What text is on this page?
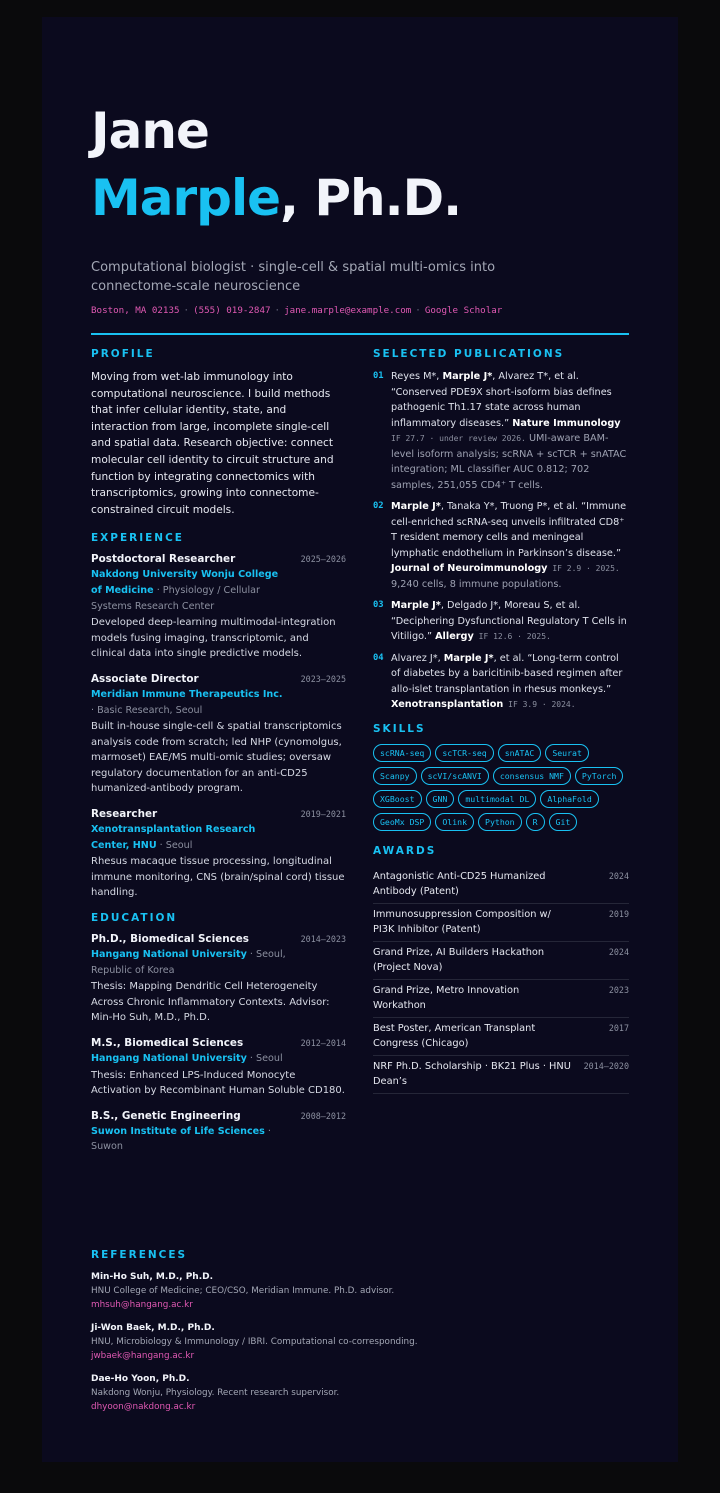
Jane
Marple, Ph.D.
Computational biologist · single-cell & spatial multi-omics into connectome-scale neuroscience
Boston, MA 02135 · (555) 019-2847 · jane.marple@example.com · Google Scholar
PROFILE
Moving from wet-lab immunology into computational neuroscience. I build methods that infer cellular identity, state, and interaction from large, incomplete single-cell and spatial data. Research objective: connect molecular cell identity to circuit structure and function by integrating connectomics with transcriptomics, growing into connectome-constrained circuit models.
EXPERIENCE
Postdoctoral Researcher	2025–2026
Nakdong University Wonju College of Medicine · Physiology / Cellular Systems Research Center
Developed deep-learning multimodal-integration models fusing imaging, transcriptomic, and clinical data into single predictive models.
Associate Director	2023–2025
Meridian Immune Therapeutics Inc. · Basic Research, Seoul
Built in-house single-cell & spatial transcriptomics analysis code from scratch; led NHP (cynomolgus, marmoset) EAE/MS multi-omic studies; oversaw regulatory documentation for an anti-CD25 humanized-antibody program.
Researcher	2019–2021
Xenotransplantation Research Center, HNU · Seoul
Rhesus macaque tissue processing, longitudinal immune monitoring, CNS (brain/spinal cord) tissue handling.
EDUCATION
Ph.D., Biomedical Sciences	2014–2023
Hangang National University · Seoul, Republic of Korea
Thesis: Mapping Dendritic Cell Heterogeneity Across Chronic Inflammatory Contexts. Advisor: Min-Ho Suh, M.D., Ph.D.
M.S., Biomedical Sciences	2012–2014
Hangang National University · Seoul
Thesis: Enhanced LPS-Induced Monocyte Activation by Recombinant Human Soluble CD180.
B.S., Genetic Engineering	2008–2012
Suwon Institute of Life Sciences · Suwon
SELECTED PUBLICATIONS
01 Reyes M*, Marple J*, Alvarez T*, et al. “Conserved PDE9X short-isoform bias defines pathogenic Th1.17 state across human inflammatory diseases.” Nature Immunology IF 27.7 · under review 2026. UMI-aware BAM-level isoform analysis; scRNA + scTCR + snATAC integration; ML classifier AUC 0.812; 702 samples, 251,055 CD4⁺ T cells.
02 Marple J*, Tanaka Y*, Truong P*, et al. “Immune cell-enriched scRNA-seq unveils infiltrated CD8⁺ T resident memory cells and meningeal lymphatic endothelium in Parkinson’s disease.” Journal of Neuroimmunology IF 2.9 · 2025. 9,240 cells, 8 immune populations.
03 Marple J*, Delgado J*, Moreau S, et al. “Deciphering Dysfunctional Regulatory T Cells in Vitiligo.” Allergy IF 12.6 · 2025.
04 Alvarez J*, Marple J*, et al. “Long-term control of diabetes by a baricitinib-based regimen after allo-islet transplantation in rhesus monkeys.” Xenotransplantation IF 3.9 · 2024.
SKILLS
scRNA-seq	scTCR-seq	snATAC	Seurat
Scanpy	scVI/scANVI	consensus NMF	PyTorch
XGBoost	GNN	multimodal DL	AlphaFold
GeoMx DSP	Olink	Python	R	Git
AWARDS
Antagonistic Anti-CD25 Humanized Antibody (Patent)
2024
Immunosuppression Composition w/ PI3K Inhibitor (Patent)
2019
Grand Prize, AI Builders Hackathon (Project Nova)
2024
Grand Prize, Metro Innovation Workathon
2023
Best Poster, American Transplant Congress (Chicago)
2017
NRF Ph.D. Scholarship · BK21 Plus · HNU Dean’s
2014–2020
REFERENCES
Min-Ho Suh, M.D., Ph.D.
HNU College of Medicine; CEO/CSO, Meridian Immune. Ph.D. advisor.
mhsuh@hangang.ac.kr
Ji-Won Baek, M.D., Ph.D.
HNU, Microbiology & Immunology / IBRI. Computational co-corresponding.
jwbaek@hangang.ac.kr
Dae-Ho Yoon, Ph.D.
Nakdong Wonju, Physiology. Recent research supervisor.
dhyoon@nakdong.ac.kr
